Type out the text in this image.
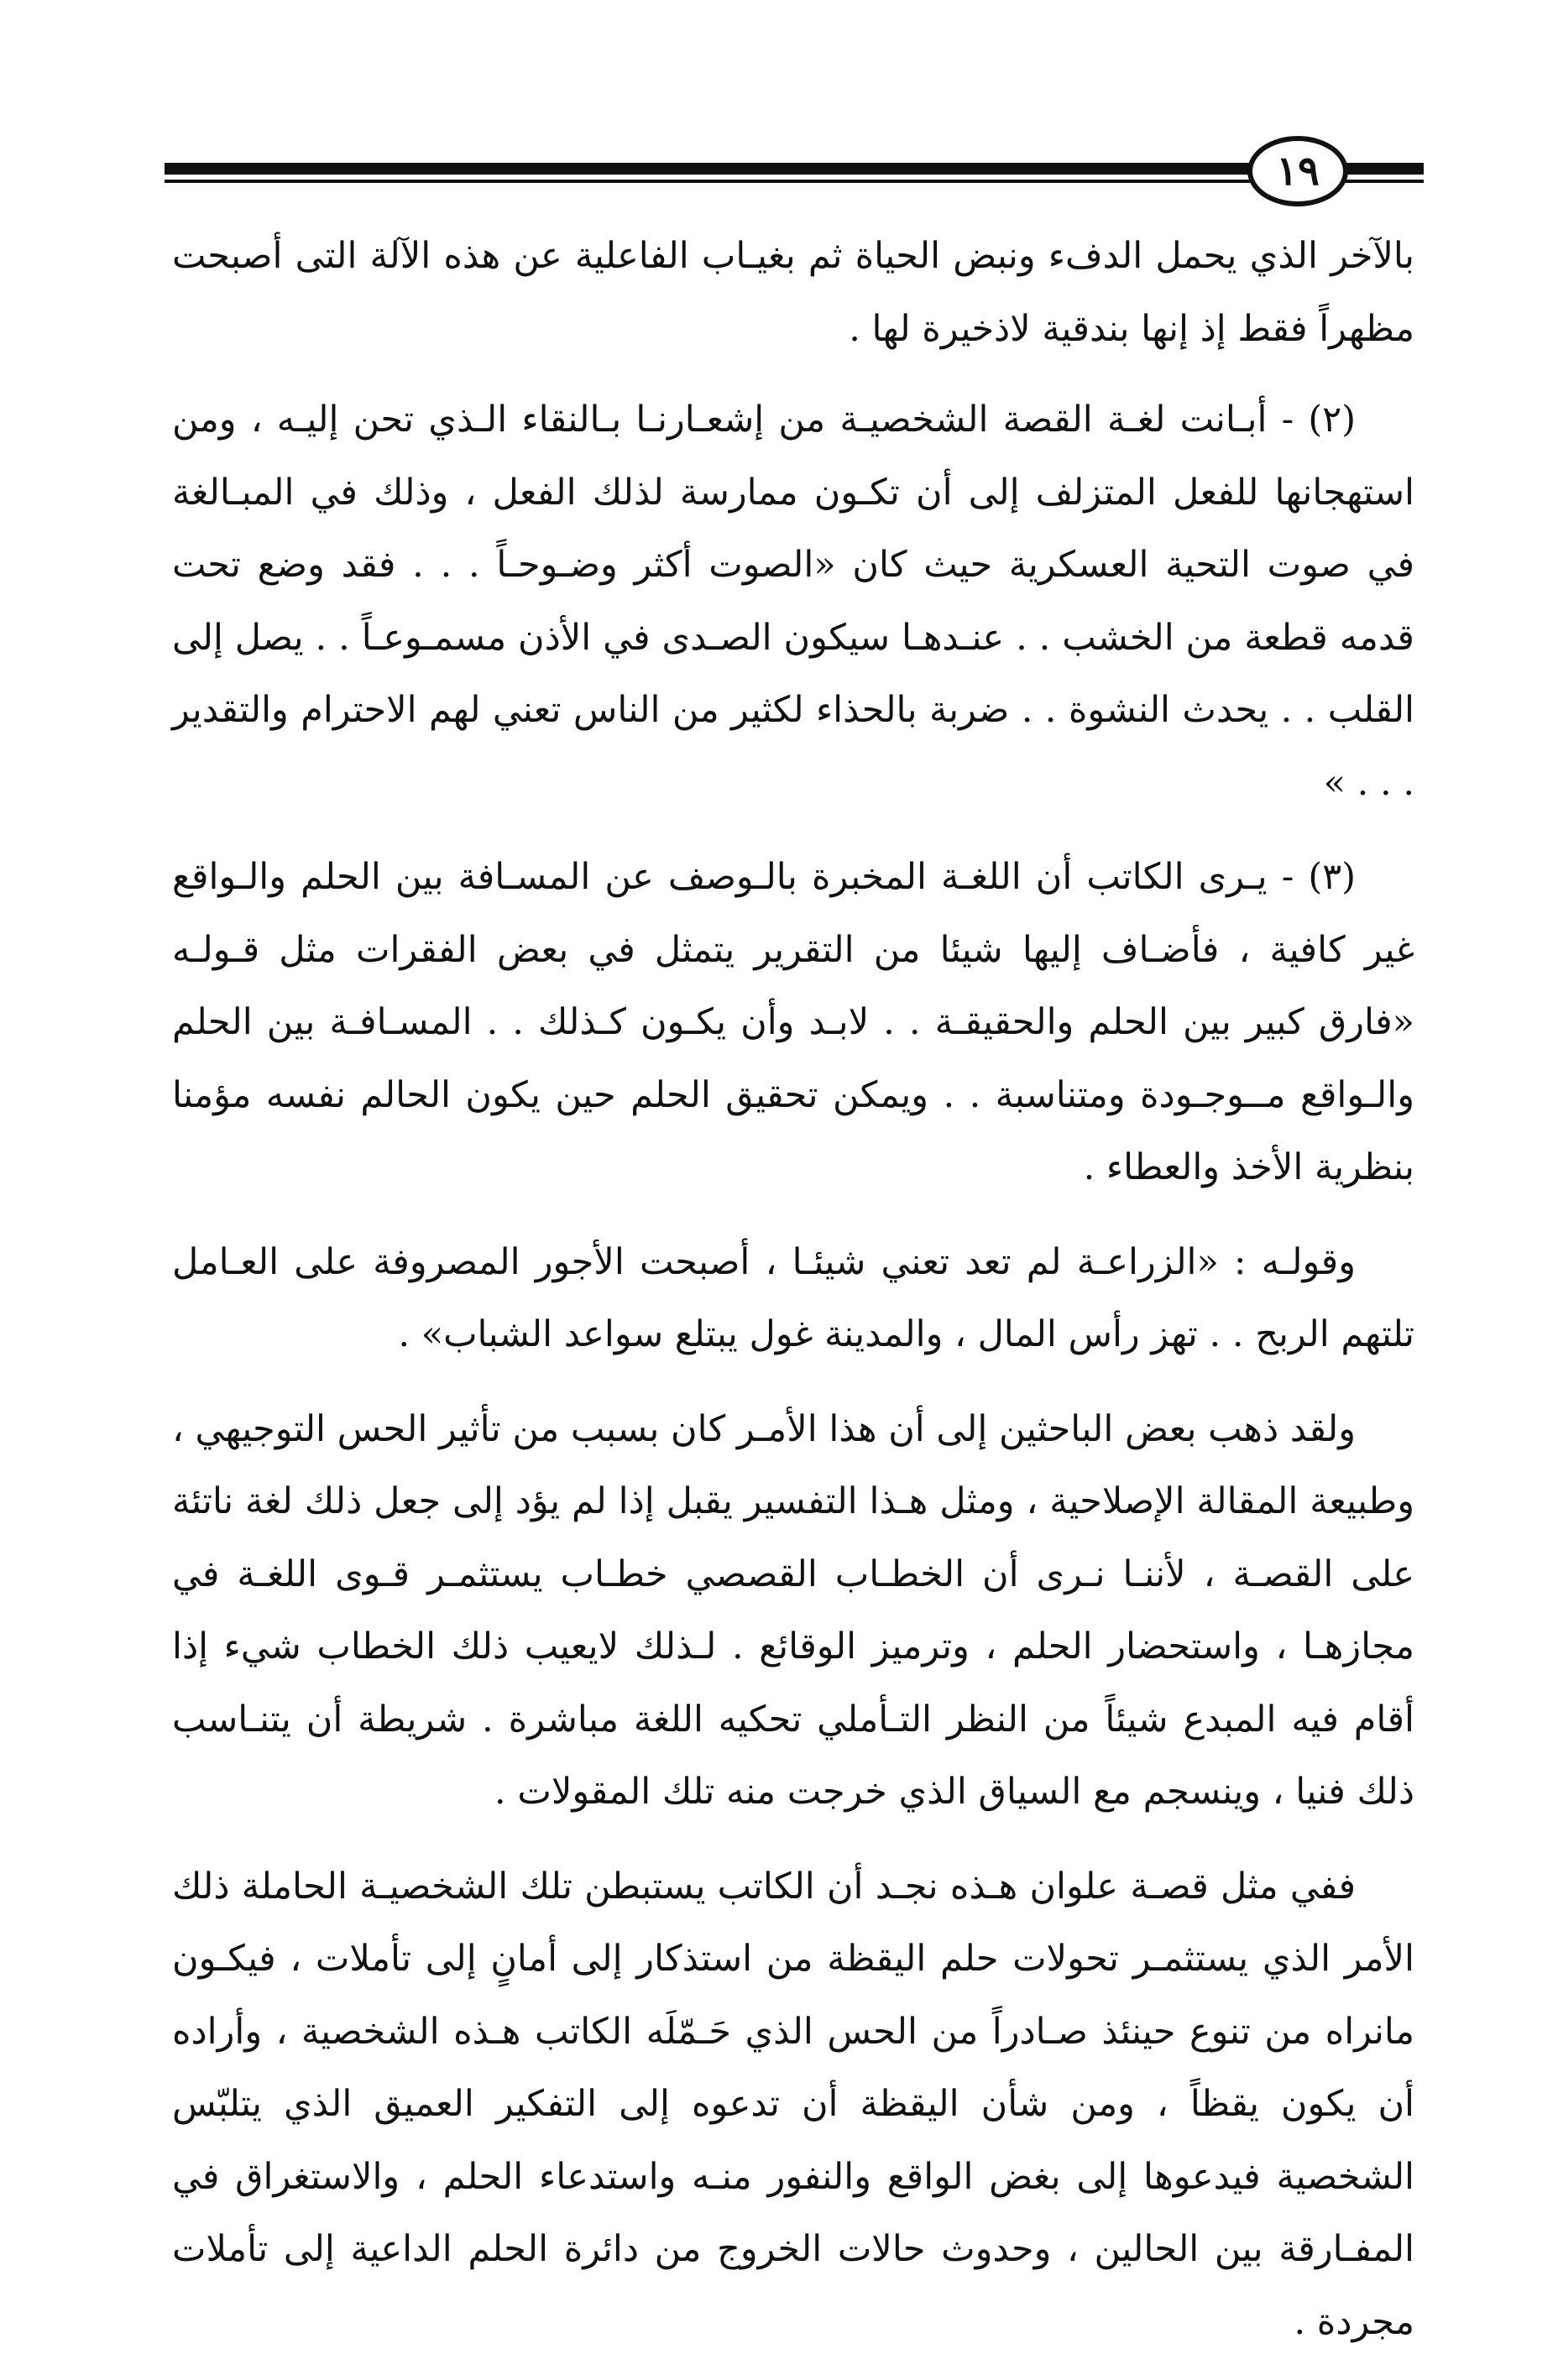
١٩

بالآخر الذي يحمل الدفء ونبض الحياة ثم بغيـاب الفاعلية عن هذه الآلة التى أصبحت مظهراً فقط إذ إنها بندقية لاذخيرة لها .

(٢) - أبـانت لغـة القصة الشخصيـة من إشعـارنـا بـالنقاء الـذي تحن إليـه ، ومن استهجانها للفعل المتزلف إلى أن تكـون ممارسة لذلك الفعل ، وذلك في المبـالغة في صوت التحية العسكرية حيث كان «الصوت أكثر وضـوحـاً . . . فقد وضع تحت قدمه قطعة من الخشب . . عنـدهـا سيكون الصـدى في الأذن مسمـوعـاً . . يصل إلى القلب . . يحدث النشوة . . ضربة بالحذاء لكثير من الناس تعني لهم الاحترام والتقدير . . . »

(٣) - يـرى الكاتب أن اللغـة المخبرة بالـوصف عن المسـافة بين الحلم والـواقع غير كافية ، فأضـاف إليها شيئا من التقرير يتمثل في بعض الفقرات مثل قـولـه «فارق كبير بين الحلم والحقيقـة . . لابـد وأن يكـون كـذلك . . المسـافـة بين الحلم والـواقع مــوجـودة ومتناسبة . . ويمكن تحقيق الحلم حين يكون الحالم نفسه مؤمنا بنظرية الأخذ والعطاء .

وقولـه : «الزراعـة لم تعد تعني شيئـا ، أصبحت الأجور المصروفة على العـامل تلتهم الربح . . تهز رأس المال ، والمدينة غول يبتلع سواعد الشباب» .

ولقد ذهب بعض الباحثين إلى أن هذا الأمـر كان بسبب من تأثير الحس التوجيهي ، وطبيعة المقالة الإصلاحية ، ومثل هـذا التفسير يقبل إذا لم يؤد إلى جعل ذلك لغة ناتئة على القصـة ، لأننـا نـرى أن الخطـاب القصصي خطـاب يستثمـر قـوى اللغـة في مجازهـا ، واستحضار الحلم ، وترميز الوقائع . لـذلك لايعيب ذلك الخطاب شيء إذا أقام فيه المبدع شيئاً من النظر التـأملي تحكيه اللغة مباشرة . شريطة أن يتنـاسب ذلك فنيا ، وينسجم مع السياق الذي خرجت منه تلك المقولات .

ففي مثل قصـة علوان هـذه نجـد أن الكاتب يستبطن تلك الشخصيـة الحاملة ذلك الأمر الذي يستثمـر تحولات حلم اليقظة من استذكار إلى أمانٍ إلى تأملات ، فيكـون مانراه من تنوع حينئذ صـادراً من الحس الذي حَـمّلَه الكاتب هـذه الشخصية ، وأراده أن يكون يقظاً ، ومن شأن اليقظة أن تدعوه إلى التفكير العميق الذي يتلبّس الشخصية فيدعوها إلى بغض الواقع والنفور منـه واستدعاء الحلم ، والاستغراق في المفـارقة بين الحالين ، وحدوث حالات الخروج من دائرة الحلم الداعية إلى تأملات مجردة .
